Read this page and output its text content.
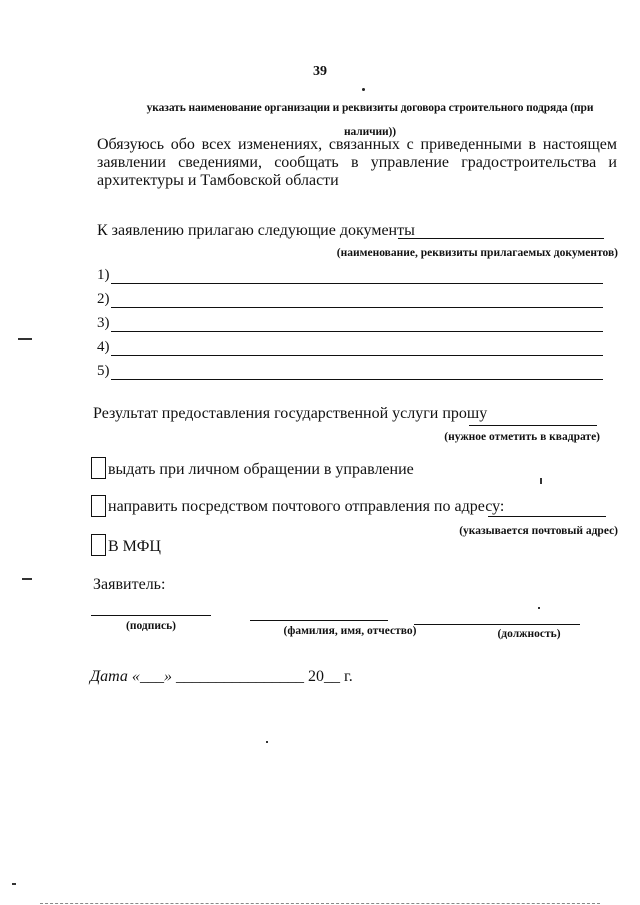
39
указать наименование организации и реквизиты договора строительного подряда (при наличии))
Обязуюсь обо всех изменениях, связанных с приведенными в настоящем заявлении сведениями, сообщать в управление градостроительства и архитектуры и Тамбовской области
К заявлению прилагаю следующие документы
(наименование, реквизиты прилагаемых документов)
1)
2)
3)
4)
5)
Результат предоставления государственной услуги прошу
(нужное отметить в квадрате)
выдать при личном обращении в управление
направить посредством почтового отправления по адресу:
(указывается почтовый адрес)
В МФЦ
Заявитель:
(подпись)	(фамилия, имя, отчество)	(должность)
Дата «___» ________________ 20__ г.
